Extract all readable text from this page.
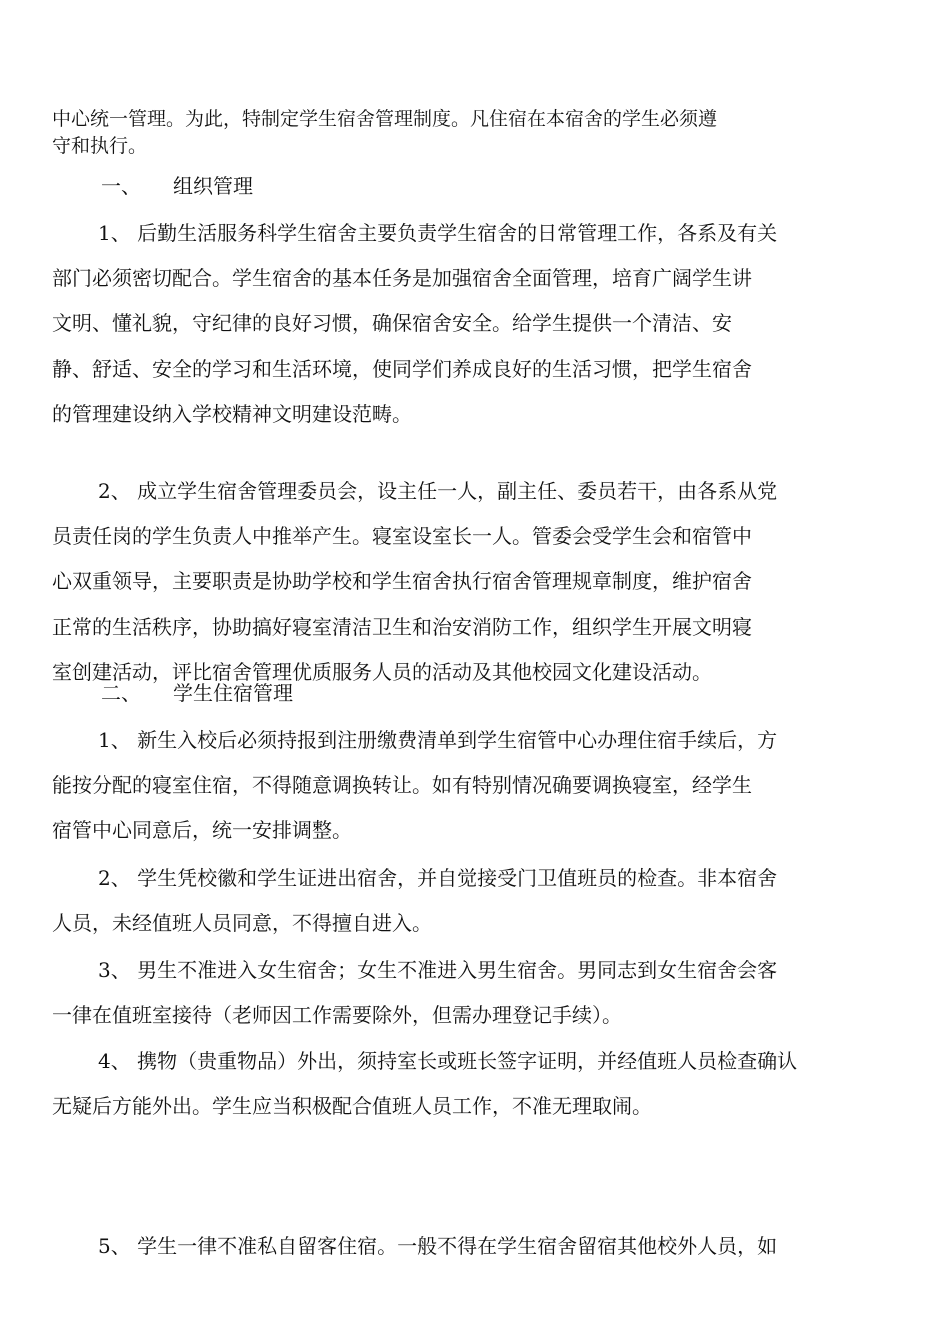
中心统一管理。为此，特制定学生宿舍管理制度。凡住宿在本宿舍的学生必须遵
守和执行。
一、 组织管理
1、 后勤生活服务科学生宿舍主要负责学生宿舍的日常管理工作，各系及有关
部门必须密切配合。学生宿舍的基本任务是加强宿舍全面管理，培育广阔学生讲
文明、懂礼貌，守纪律的良好习惯，确保宿舍安全。给学生提供一个清洁、安
静、舒适、安全的学习和生活环境，使同学们养成良好的生活习惯，把学生宿舍
的管理建设纳入学校精神文明建设范畴。
2、 成立学生宿舍管理委员会，设主任一人，副主任、委员若干，由各系从党
员责任岗的学生负责人中推举产生。寝室设室长一人。管委会受学生会和宿管中
心双重领导，主要职责是协助学校和学生宿舍执行宿舍管理规章制度，维护宿舍
正常的生活秩序，协助搞好寝室清洁卫生和治安消防工作，组织学生开展文明寝
室创建活动，评比宿舍管理优质服务人员的活动及其他校园文化建设活动。
二、 学生住宿管理
1、 新生入校后必须持报到注册缴费清单到学生宿管中心办理住宿手续后，方
能按分配的寝室住宿，不得随意调换转让。如有特别情况确要调换寝室，经学生
宿管中心同意后，统一安排调整。
2、 学生凭校徽和学生证进出宿舍，并自觉接受门卫值班员的检查。非本宿舍
人员，未经值班人员同意，不得擅自进入。
3、 男生不准进入女生宿舍；女生不准进入男生宿舍。男同志到女生宿舍会客
一律在值班室接待（老师因工作需要除外，但需办理登记手续）。
4、 携物（贵重物品）外出，须持室长或班长签字证明，并经值班人员检查确认
无疑后方能外出。学生应当积极配合值班人员工作，不准无理取闹。
5、 学生一律不准私自留客住宿。一般不得在学生宿舍留宿其他校外人员，如
